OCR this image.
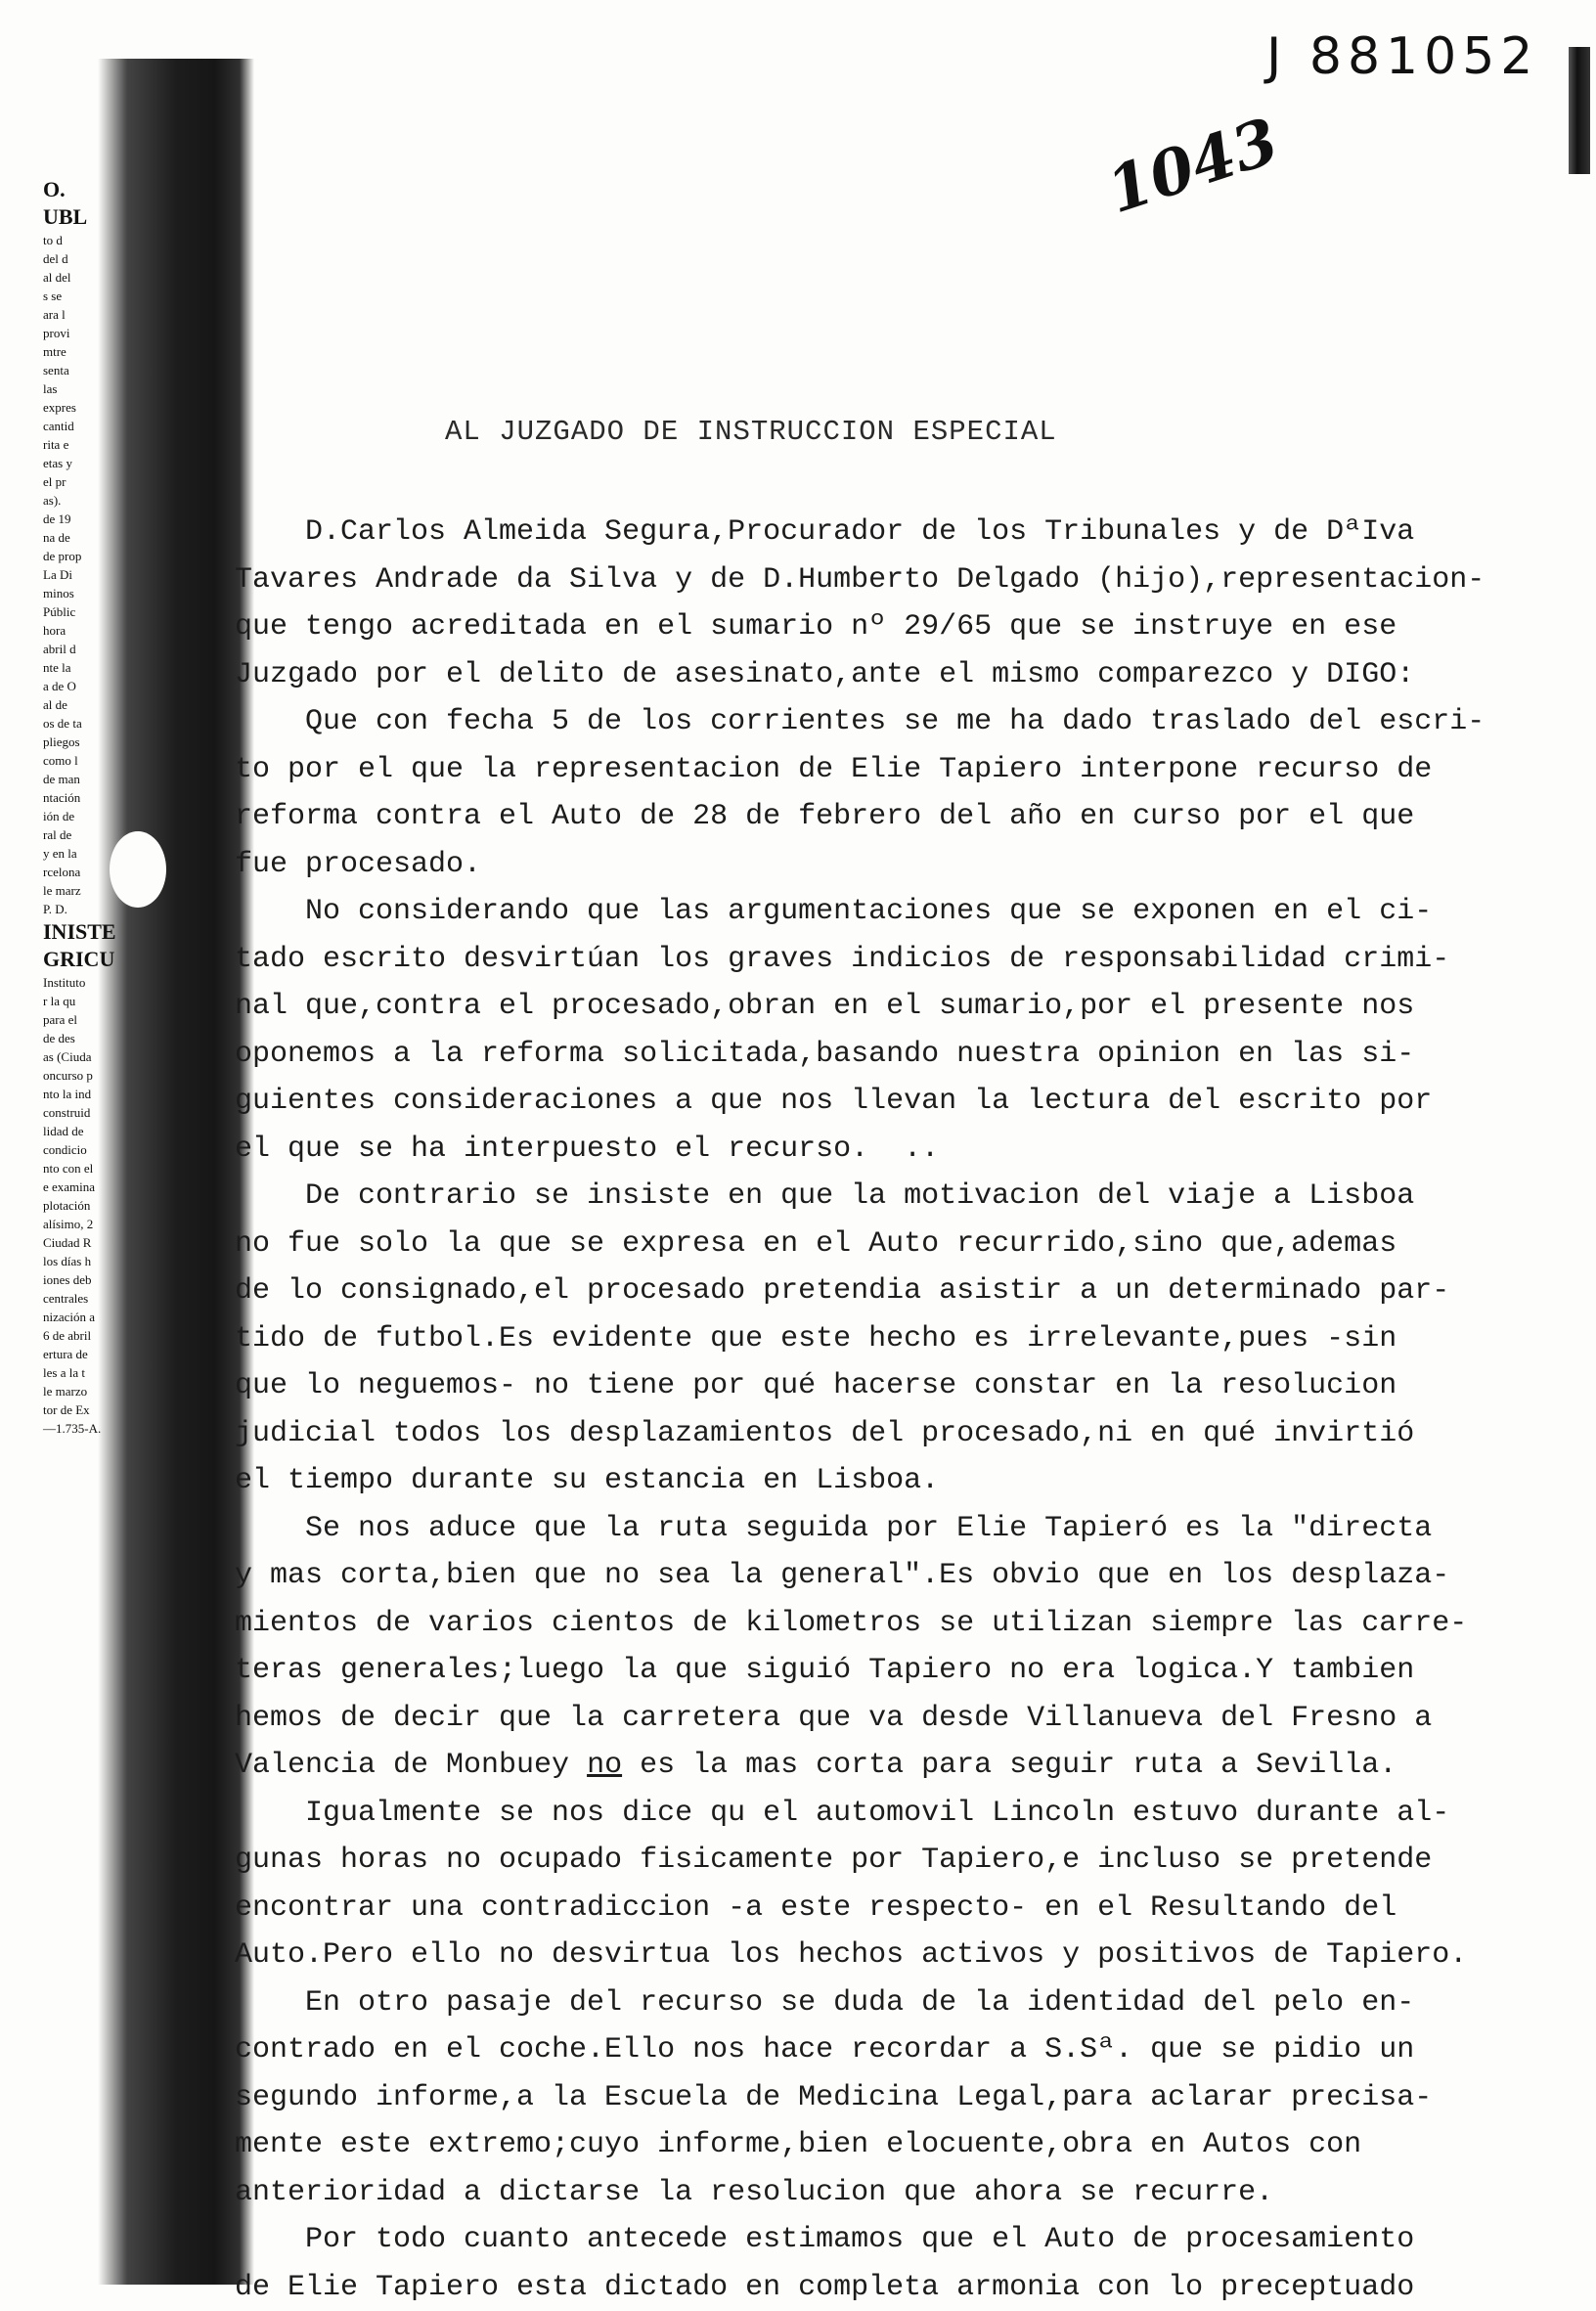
O.
UBL
to d
del d
al del
s se
ara l
provi
mtre
senta
las
expres
cantid
rita e
etas y
el pr
as).
de 19
na de
de prop
La Di
minos
Públic
hora
abril d
nte la
a de O
al de
os de ta
pliegos
como l
de man
ntación
ión de
ral de
y en la
rcelona
le marz
P. D.
INISTE
GRICU
Instituto
r la qu
para el
de des
as (Ciuda
oncurso p
nto la ind
construid
lidad de
condicio
nto con el
e examina
plotación
alísimo, 2
Ciudad R
los días h
iones deb
centrales
nización a
6 de abril
ertura de
les a la t
le marzo
tor de Ex
—1.735-A.
J 881052
1043
AL JUZGADO DE INSTRUCCION ESPECIAL
D.Carlos Almeida Segura,Procurador de los Tribunales y de DªIva
Tavares Andrade da Silva y de D.Humberto Delgado (hijo),representacion-
que tengo acreditada en el sumario nº 29/65 que se instruye en ese
Juzgado por el delito de asesinato,ante el mismo comparezco y DIGO:
Que con fecha 5 de los corrientes se me ha dado traslado del escri-
to por el que la representacion de Elie Tapiero interpone recurso de
reforma contra el Auto de 28 de febrero del año en curso por el que
fue procesado.
No considerando que las argumentaciones que se exponen en el ci-
tado escrito desvirtúan los graves indicios de responsabilidad crimi-
nal que,contra el procesado,obran en el sumario,por el presente nos
oponemos a la reforma solicitada,basando nuestra opinion en las si-
guientes consideraciones a que nos llevan la lectura del escrito por
el que se ha interpuesto el recurso.  ..
De contrario se insiste en que la motivacion del viaje a Lisboa
no fue solo la que se expresa en el Auto recurrido,sino que,ademas
de lo consignado,el procesado pretendia asistir a un determinado par-
tido de futbol.Es evidente que este hecho es irrelevante,pues -sin
que lo neguemos- no tiene por qué hacerse constar en la resolucion
judicial todos los desplazamientos del procesado,ni en qué invirtió
el tiempo durante su estancia en Lisboa.
Se nos aduce que la ruta seguida por Elie Tapieró es la "directa
y mas corta,bien que no sea la general".Es obvio que en los desplaza-
mientos de varios cientos de kilometros se utilizan siempre las carre-
teras generales;luego la que siguió Tapiero no era logica.Y tambien
hemos de decir que la carretera que va desde Villanueva del Fresno a
Valencia de Monbuey no es la mas corta para seguir ruta a Sevilla.
Igualmente se nos dice qu el automovil Lincoln estuvo durante al-
gunas horas no ocupado fisicamente por Tapiero,e incluso se pretende
encontrar una contradiccion -a este respecto- en el Resultando del
Auto.Pero ello no desvirtua los hechos activos y positivos de Tapiero.
En otro pasaje del recurso se duda de la identidad del pelo en-
contrado en el coche.Ello nos hace recordar a S.Sª. que se pidio un
segundo informe,a la Escuela de Medicina Legal,para aclarar precisa-
mente este extremo;cuyo informe,bien elocuente,obra en Autos con
anterioridad a dictarse la resolucion que ahora se recurre.
Por todo cuanto antecede estimamos que el Auto de procesamiento
de Elie Tapiero esta dictado en completa armonia con lo preceptuado
